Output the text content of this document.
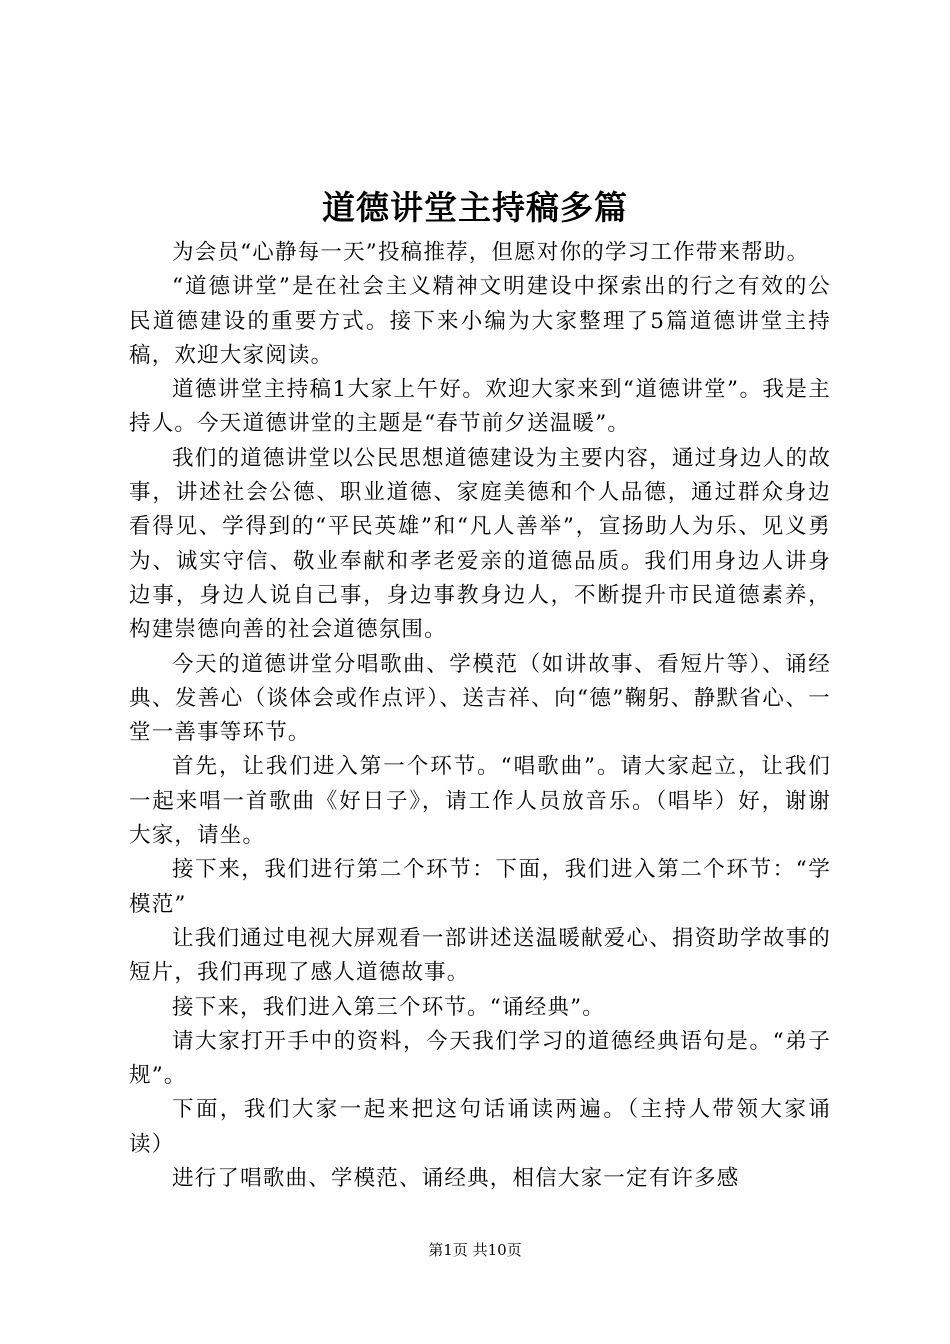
道德讲堂主持稿多篇

为会员“心静每一天”投稿推荐，但愿对你的学习工作带来帮助。

“道德讲堂”是在社会主义精神文明建设中探索出的行之有效的公民道德建设的重要方式。接下来小编为大家整理了5篇道德讲堂主持稿，欢迎大家阅读。

道德讲堂主持稿1大家上午好。欢迎大家来到“道德讲堂”。我是主持人。今天道德讲堂的主题是“春节前夕送温暖”。

我们的道德讲堂以公民思想道德建设为主要内容，通过身边人的故事，讲述社会公德、职业道德、家庭美德和个人品德，通过群众身边看得见、学得到的“平民英雄”和“凡人善举”，宣扬助人为乐、见义勇为、诚实守信、敬业奉献和孝老爱亲的道德品质。我们用身边人讲身边事，身边人说自己事，身边事教身边人，不断提升市民道德素养，构建崇德向善的社会道德氛围。

今天的道德讲堂分唱歌曲、学模范（如讲故事、看短片等）、诵经典、发善心（谈体会或作点评）、送吉祥、向“德”鞠躬、静默省心、一堂一善事等环节。

首先，让我们进入第一个环节。“唱歌曲”。请大家起立，让我们一起来唱一首歌曲《好日子》，请工作人员放音乐。（唱毕）好，谢谢大家，请坐。

接下来，我们进行第二个环节：下面，我们进入第二个环节：“学模范”

让我们通过电视大屏观看一部讲述送温暖献爱心、捐资助学故事的短片，我们再现了感人道德故事。

接下来，我们进入第三个环节。“诵经典”。

请大家打开手中的资料，今天我们学习的道德经典语句是。“弟子规”。

下面，我们大家一起来把这句话诵读两遍。（主持人带领大家诵读）

进行了唱歌曲、学模范、诵经典，相信大家一定有许多感

第1页 共10页
